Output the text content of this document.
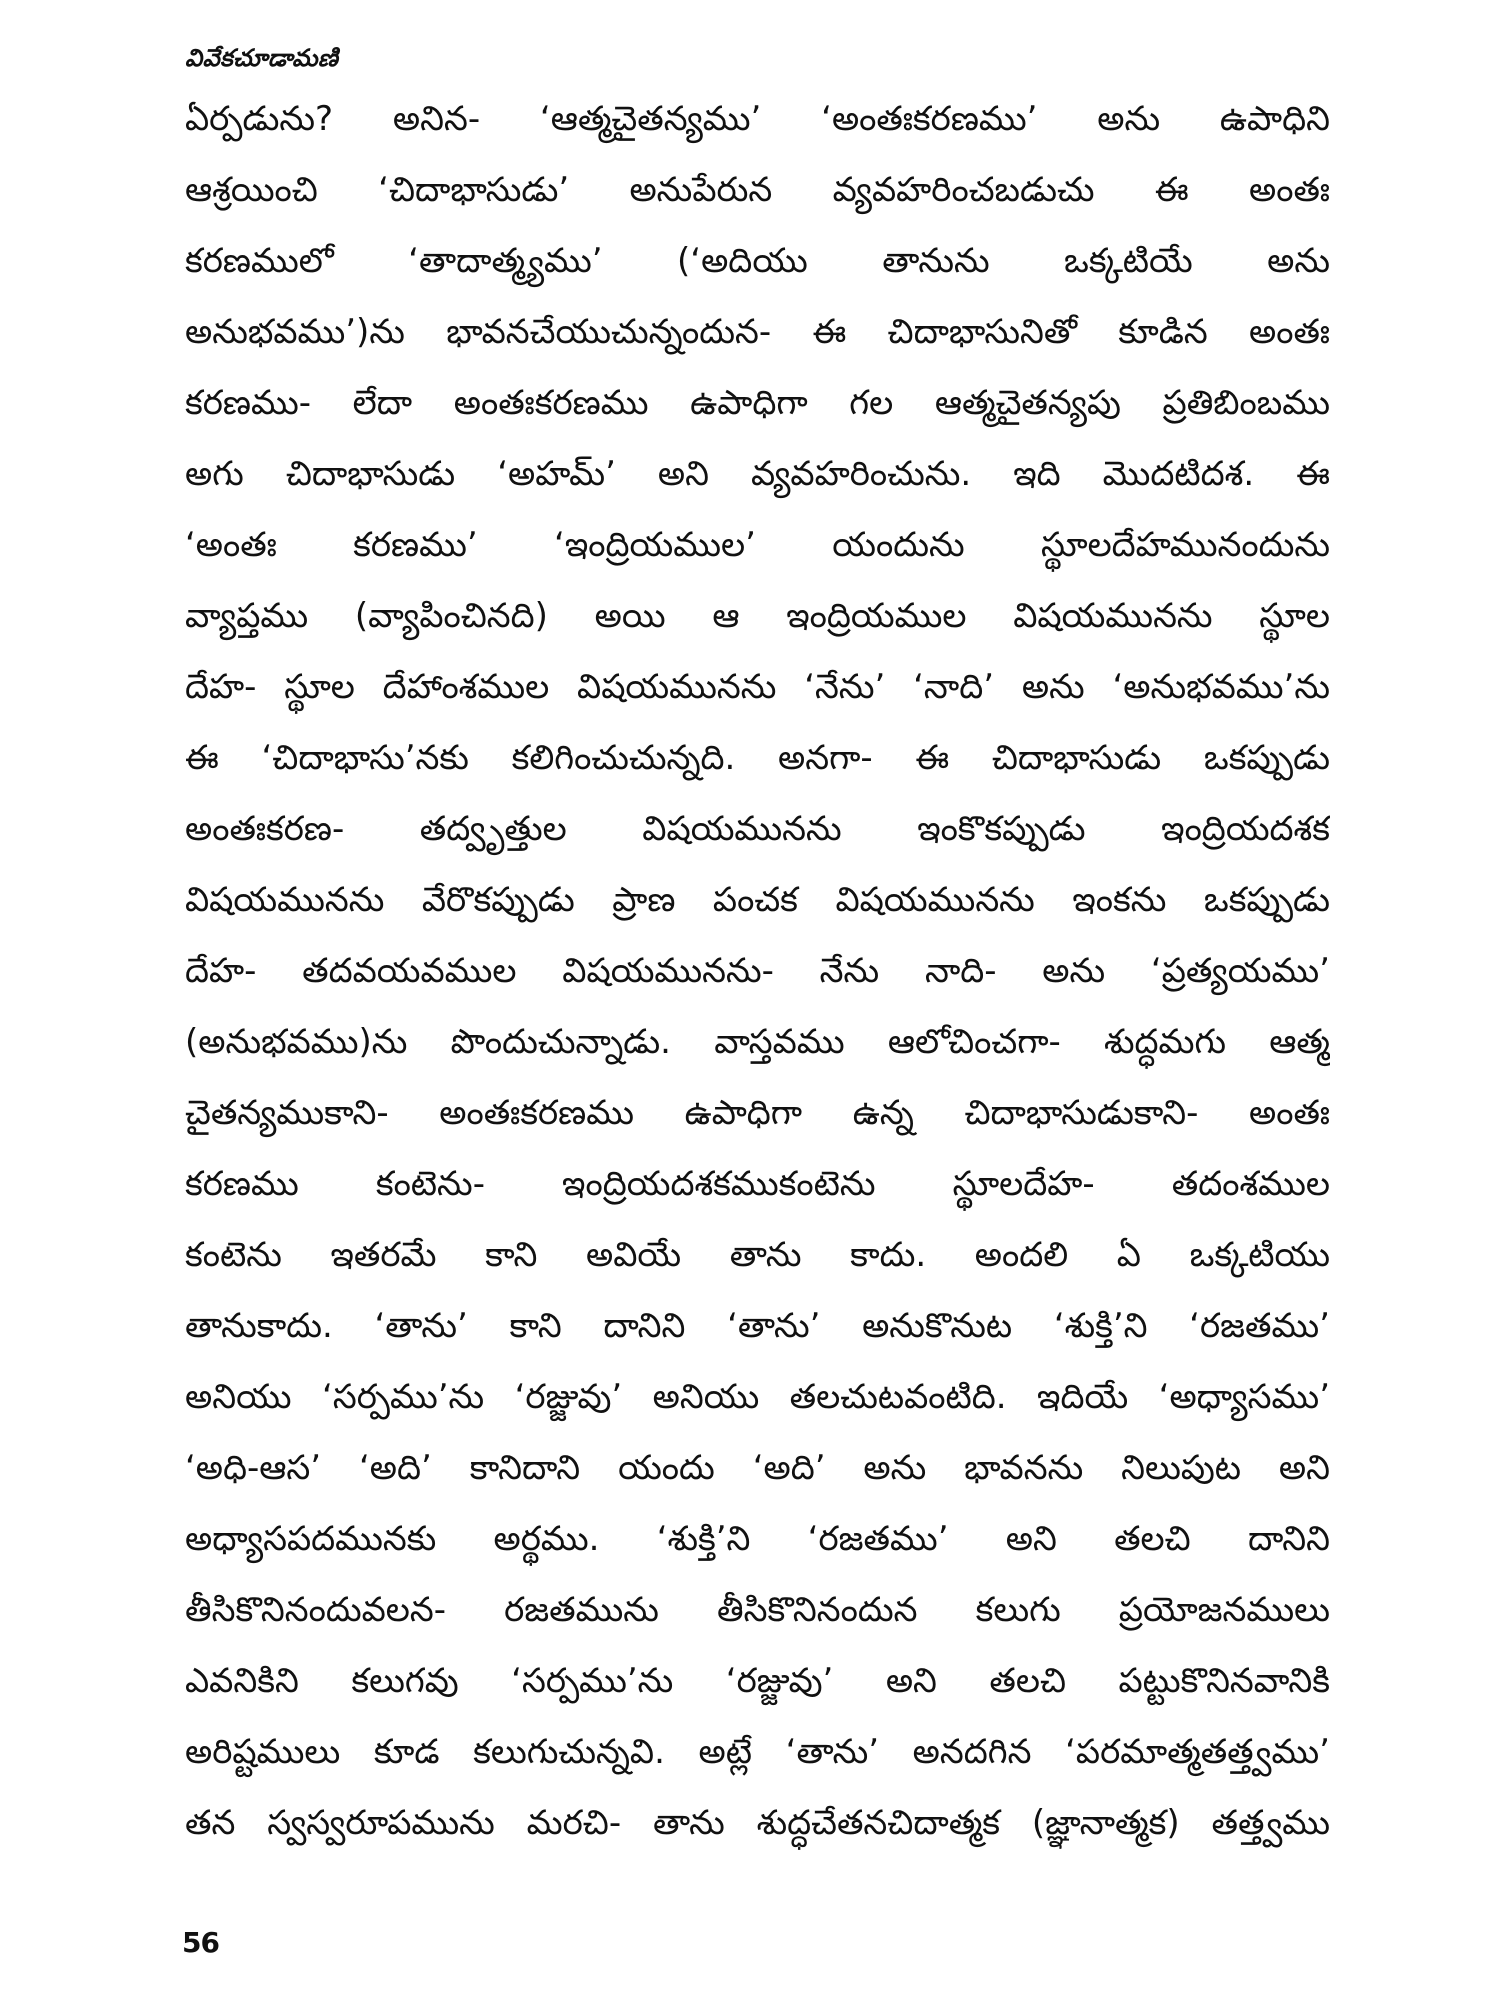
వివేకచూడామణి
ఏర్పడును? అనిన- ‘ఆత్మచైతన్యము’ ‘అంతఃకరణము’ అను ఉపాధిని
ఆశ్రయించి ‘చిదాభాసుడు’ అనుపేరున వ్యవహరించబడుచు ఈ అంతః
కరణములో ‘తాదాత్మ్యము’ (‘అదియు తానును ఒక్కటియే అను
అనుభవము’)ను భావనచేయుచున్నందున- ఈ చిదాభాసునితో కూడిన అంతః
కరణము- లేదా అంతఃకరణము ఉపాధిగా గల ఆత్మచైతన్యపు ప్రతిబింబము
అగు చిదాభాసుడు ‘అహమ్’ అని వ్యవహరించును. ఇది మొదటిదశ. ఈ
‘అంతః కరణము’ ‘ఇంద్రియముల’ యందును స్థూలదేహమునందును
వ్యాప్తము (వ్యాపించినది) అయి ఆ ఇంద్రియముల విషయమునను స్థూల
దేహ- స్థూల దేహాంశముల విషయమునను ‘నేను’ ‘నాది’ అను ‘అనుభవము’ను
ఈ ‘చిదాభాసు’నకు కలిగించుచున్నది. అనగా- ఈ చిదాభాసుడు ఒకప్పుడు
అంతఃకరణ- తద్వృత్తుల విషయమునను ఇంకొకప్పుడు ఇంద్రియదశక
విషయమునను వేరొకప్పుడు ప్రాణ పంచక విషయమునను ఇంకను ఒకప్పుడు
దేహ- తదవయవముల విషయమునను- నేను నాది- అను ‘ప్రత్యయము’
(అనుభవము)ను పొందుచున్నాడు. వాస్తవము ఆలోచించగా- శుద్ధమగు ఆత్మ
చైతన్యముకాని- అంతఃకరణము ఉపాధిగా ఉన్న చిదాభాసుడుకాని- అంతః
కరణము కంటెను- ఇంద్రియదశకముకంటెను స్థూలదేహ- తదంశముల
కంటెను ఇతరమే కాని అవియే తాను కాదు. అందలి ఏ ఒక్కటియు
తానుకాదు. ‘తాను’ కాని దానిని ‘తాను’ అనుకొనుట ‘శుక్తి’ని ‘రజతము’
అనియు ‘సర్పము’ను ‘రజ్జువు’ అనియు తలచుటవంటిది. ఇదియే ‘అధ్యాసము’
‘అధి-ఆస’ ‘అది’ కానిదాని యందు ‘అది’ అను భావనను నిలుపుట అని
అధ్యాసపదమునకు అర్థము. ‘శుక్తి’ని ‘రజతము’ అని తలచి దానిని
తీసికొనినందువలన- రజతమును తీసికొనినందున కలుగు ప్రయోజనములు
ఎవనికిని కలుగవు ‘సర్పము’ను ‘రజ్జువు’ అని తలచి పట్టుకొనినవానికి
అరిష్టములు కూడ కలుగుచున్నవి. అట్లే ‘తాను’ అనదగిన ‘పరమాత్మతత్త్వము’
తన స్వస్వరూపమును మరచి- తాను శుద్ధచేతనచిదాత్మక (జ్ఞానాత్మక) తత్త్వము
56
